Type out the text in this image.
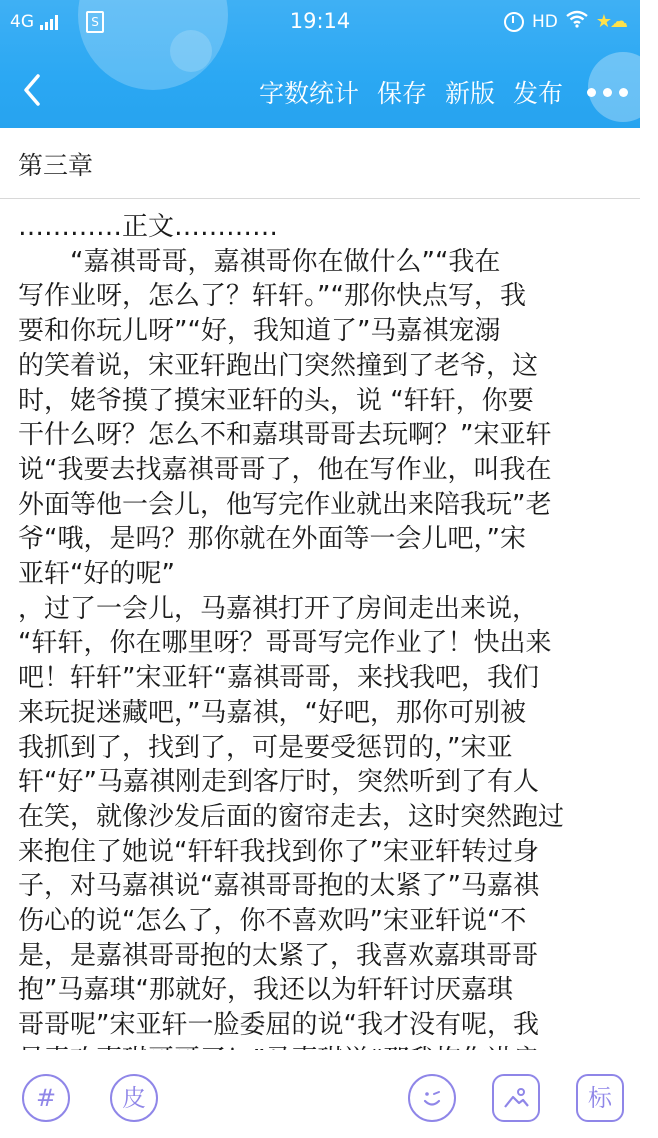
4G	S	19:14	HD ★☁
字数统计 保存 新版 发布
第三章

…………正文…………

　　“嘉祺哥哥，嘉祺哥你在做什么”“我在

写作业呀，怎么了？轩轩。”“那你快点写，我

要和你玩儿呀”“好，我知道了”马嘉祺宠溺

的笑着说，宋亚轩跑出门突然撞到了老爷，这

时，姥爷摸了摸宋亚轩的头，说 “轩轩，你要

干什么呀？怎么不和嘉琪哥哥去玩啊？”宋亚轩

说“我要去找嘉祺哥哥了，他在写作业，叫我在

外面等他一会儿，他写完作业就出来陪我玩”老

爷“哦，是吗？那你就在外面等一会儿吧，”宋

亚轩“好的呢”

，过了一会儿，马嘉祺打开了房间走出来说，

“轩轩，你在哪里呀？哥哥写完作业了！快出来

吧！轩轩”宋亚轩“嘉祺哥哥，来找我吧，我们

来玩捉迷藏吧，”马嘉祺，“好吧，那你可别被

我抓到了，找到了，可是要受惩罚的，”宋亚

轩“好”马嘉祺刚走到客厅时，突然听到了有人

在笑，就像沙发后面的窗帘走去，这时突然跑过

来抱住了她说“轩轩我找到你了”宋亚轩转过身

子，对马嘉祺说“嘉祺哥哥抱的太紧了”马嘉祺

伤心的说“怎么了，你不喜欢吗”宋亚轩说“不

是，是嘉祺哥哥抱的太紧了，我喜欢嘉琪哥哥

抱”马嘉琪“那就好，我还以为轩轩讨厌嘉琪

哥哥呢”宋亚轩一脸委屈的说“我才没有呢，我

#	皮	标
